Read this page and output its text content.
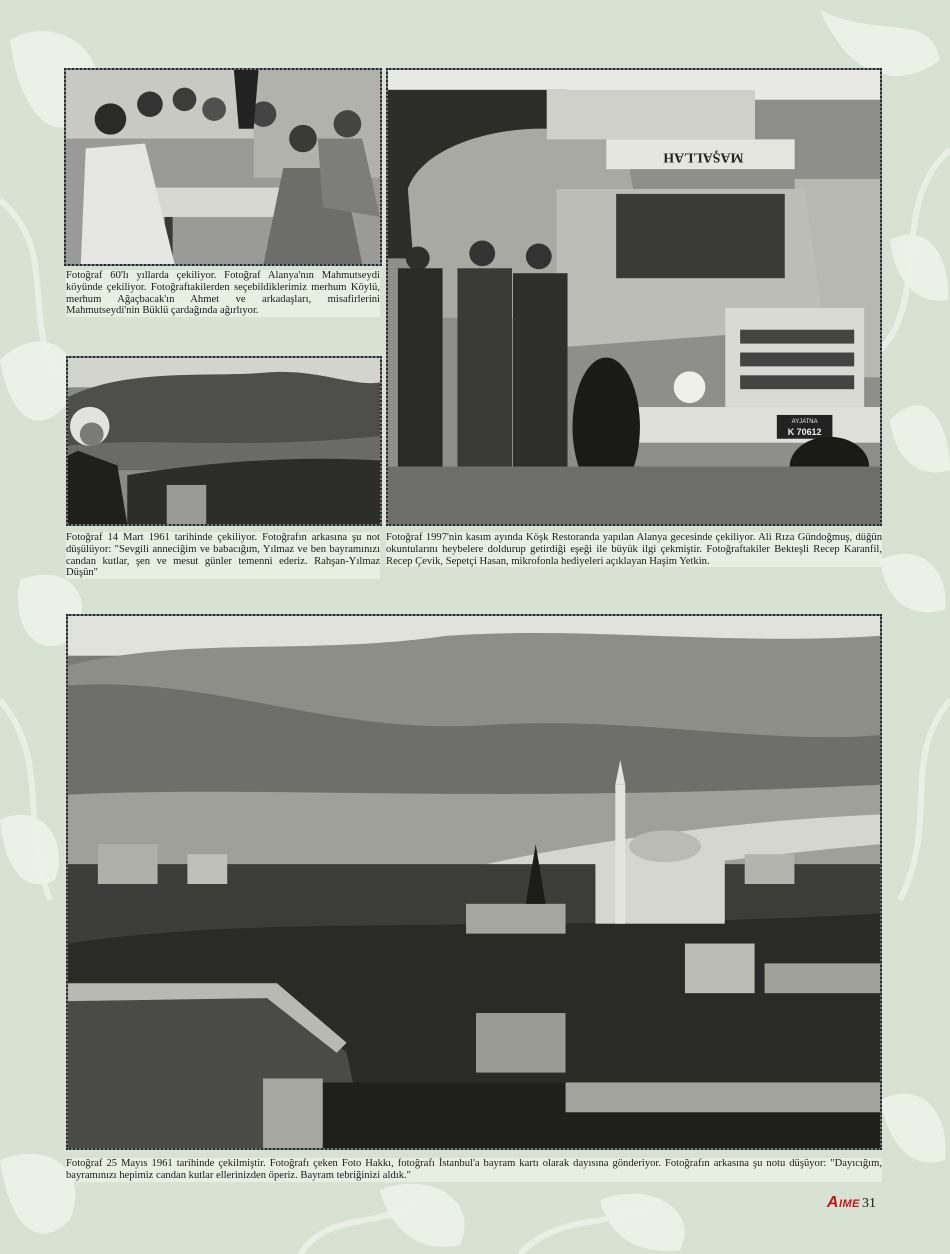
Fotoğraf 60'lı yıllarda çekiliyor. Fotoğraf Alanya'nın Mahmutseydi köyünde çekiliyor. Fotoğraftakilerden seçebildiklerimiz merhum Köylü, merhum Ağaçbacak'ın Ahmet ve arkadaşları, misafirlerini Mahmutseydi'nin Büklü çardağında ağırlıyor.

Fotoğraf 14 Mart 1961 tarihinde çekiliyor. Fotoğrafın arkasına şu not düşülüyor: "Sevgili anneciğim ve babacığım, Yılmaz ve ben bayramınızı candan kutlar, şen ve mesut günler temenni ederiz. Rahşan-Yılmaz Düşün"

MAŞALLAH
AYJATNA
K 70612

Fotoğraf 1997'nin kasım ayında Köşk Restoranda yapılan Alanya gecesinde çekiliyor. Ali Rıza Gündoğmuş, düğün okuntularını heybelere doldurup getirdiği eşeği ile büyük ilgi çekmiştir. Fotoğraftakiler Bekteşli Recep Karanfil, Recep Çevik, Sepetçi Hasan, mikrofonla hediyeleri açıklayan Haşim Yetkin.

Fotoğraf 25 Mayıs 1961 tarihinde çekilmiştir. Fotoğrafı çeken Foto Hakkı, fotoğrafı İstanbul'a bayram kartı olarak dayısına gönderiyor. Fotoğrafın arkasına şu notu düşüyor: "Dayıcığım, bayramınızı hepimiz candan kutlar ellerinizden öperiz. Bayram tebriğinizi aldık."

AIME 31
